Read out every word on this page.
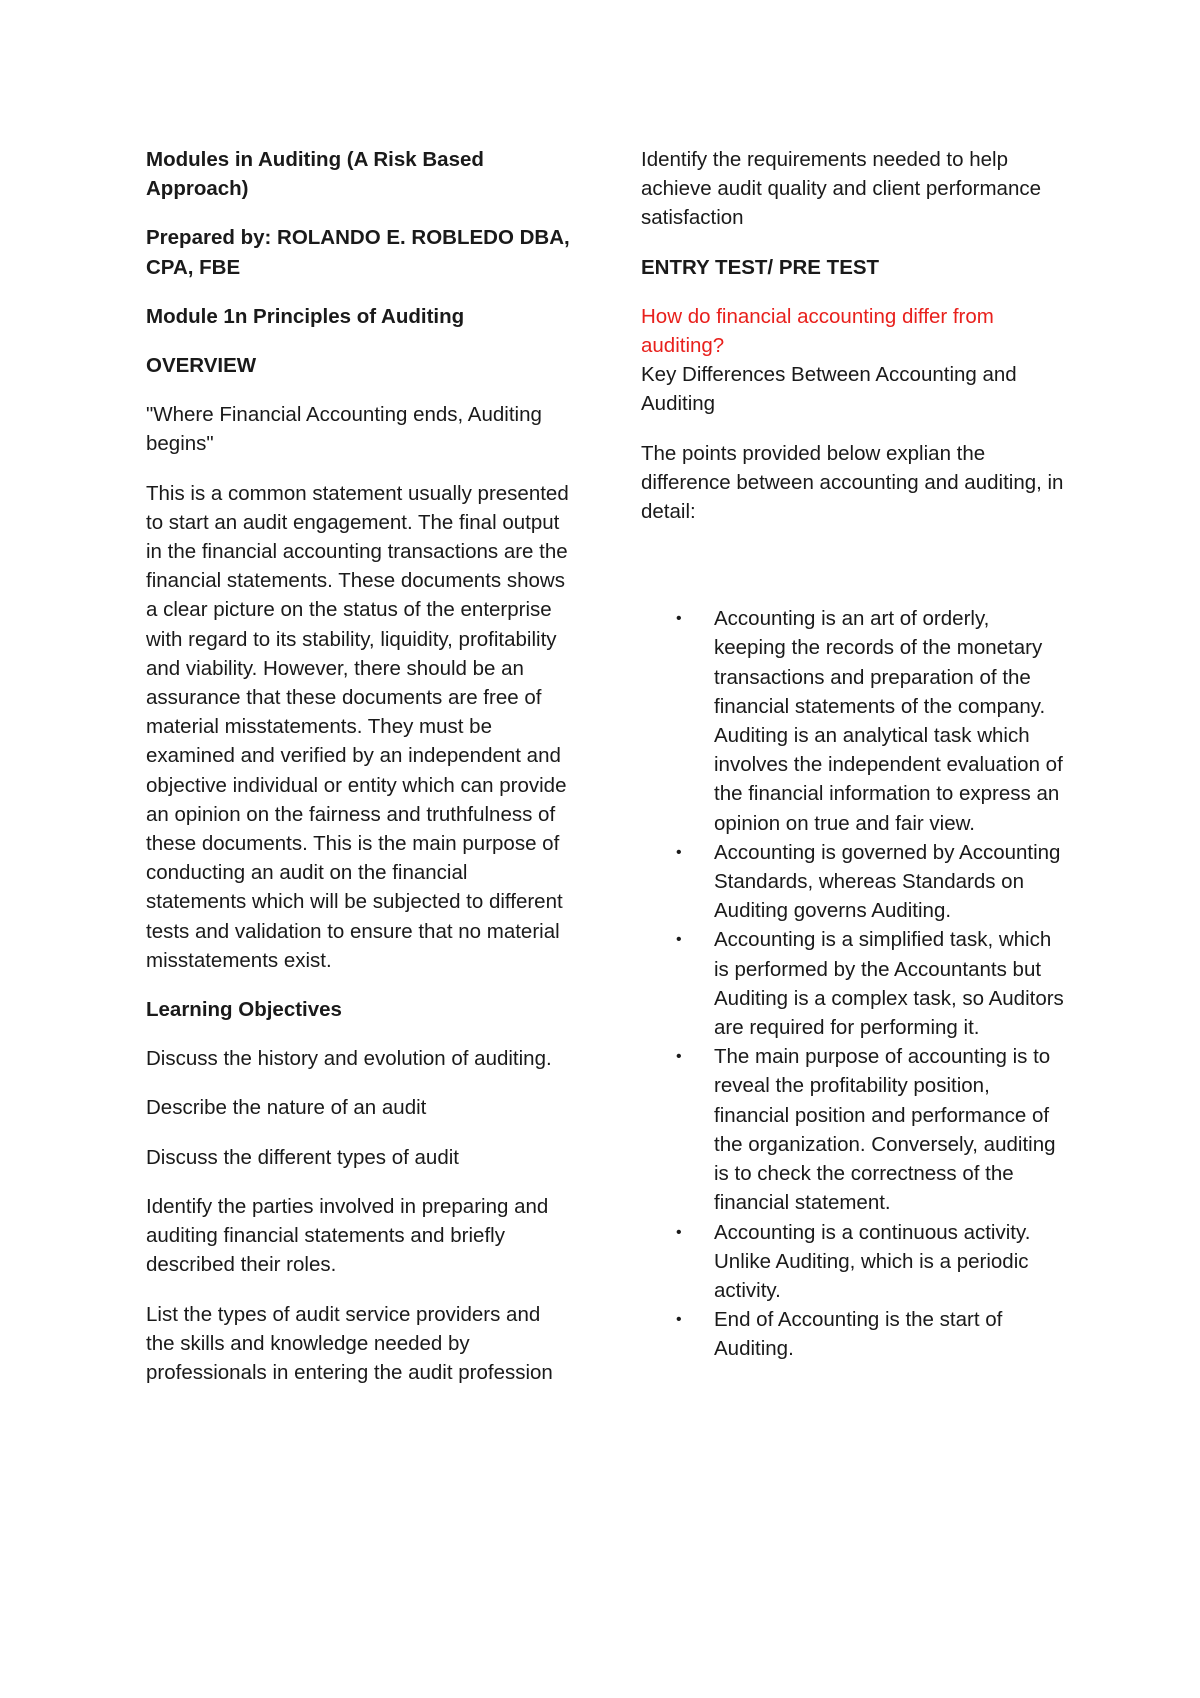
Modules in Auditing (A Risk Based Approach)

Prepared by: ROLANDO E. ROBLEDO DBA, CPA, FBE

Module 1n Principles of Auditing

OVERVIEW

"Where Financial Accounting ends, Auditing begins"

This is a common statement usually presented to start an audit engagement. The final output in the financial accounting transactions are the financial statements. These documents shows a clear picture on the status of the enterprise with regard to its stability, liquidity, profitability and viability. However, there should be an assurance that these documents are free of material misstatements. They must be examined and verified by an independent and objective individual or entity which can provide an opinion on the fairness and truthfulness of these documents. This is the main purpose of conducting an audit on the financial statements which will be subjected to different tests and validation to ensure that no material misstatements exist.

Learning Objectives

Discuss the history and evolution of auditing.

Describe the nature of an audit

Discuss the different types of audit

Identify the parties involved in preparing and auditing financial statements and briefly described their roles.

List the types of audit service providers and the skills and knowledge needed by professionals in entering the audit profession

Identify the requirements needed to help achieve audit quality and client performance satisfaction

ENTRY TEST/ PRE TEST

How do financial accounting differ from auditing?

Key Differences Between Accounting and Auditing

The points provided below explian the difference between accounting and auditing, in detail:

• Accounting is an art of orderly, keeping the records of the monetary transactions and preparation of the financial statements of the company. Auditing is an analytical task which involves the independent evaluation of the financial information to express an opinion on true and fair view.
• Accounting is governed by Accounting Standards, whereas Standards on Auditing governs Auditing.
• Accounting is a simplified task, which is performed by the Accountants but Auditing is a complex task, so Auditors are required for performing it.
• The main purpose of accounting is to reveal the profitability position, financial position and performance of the organization. Conversely, auditing is to check the correctness of the financial statement.
• Accounting is a continuous activity. Unlike Auditing, which is a periodic activity.
• End of Accounting is the start of Auditing.
